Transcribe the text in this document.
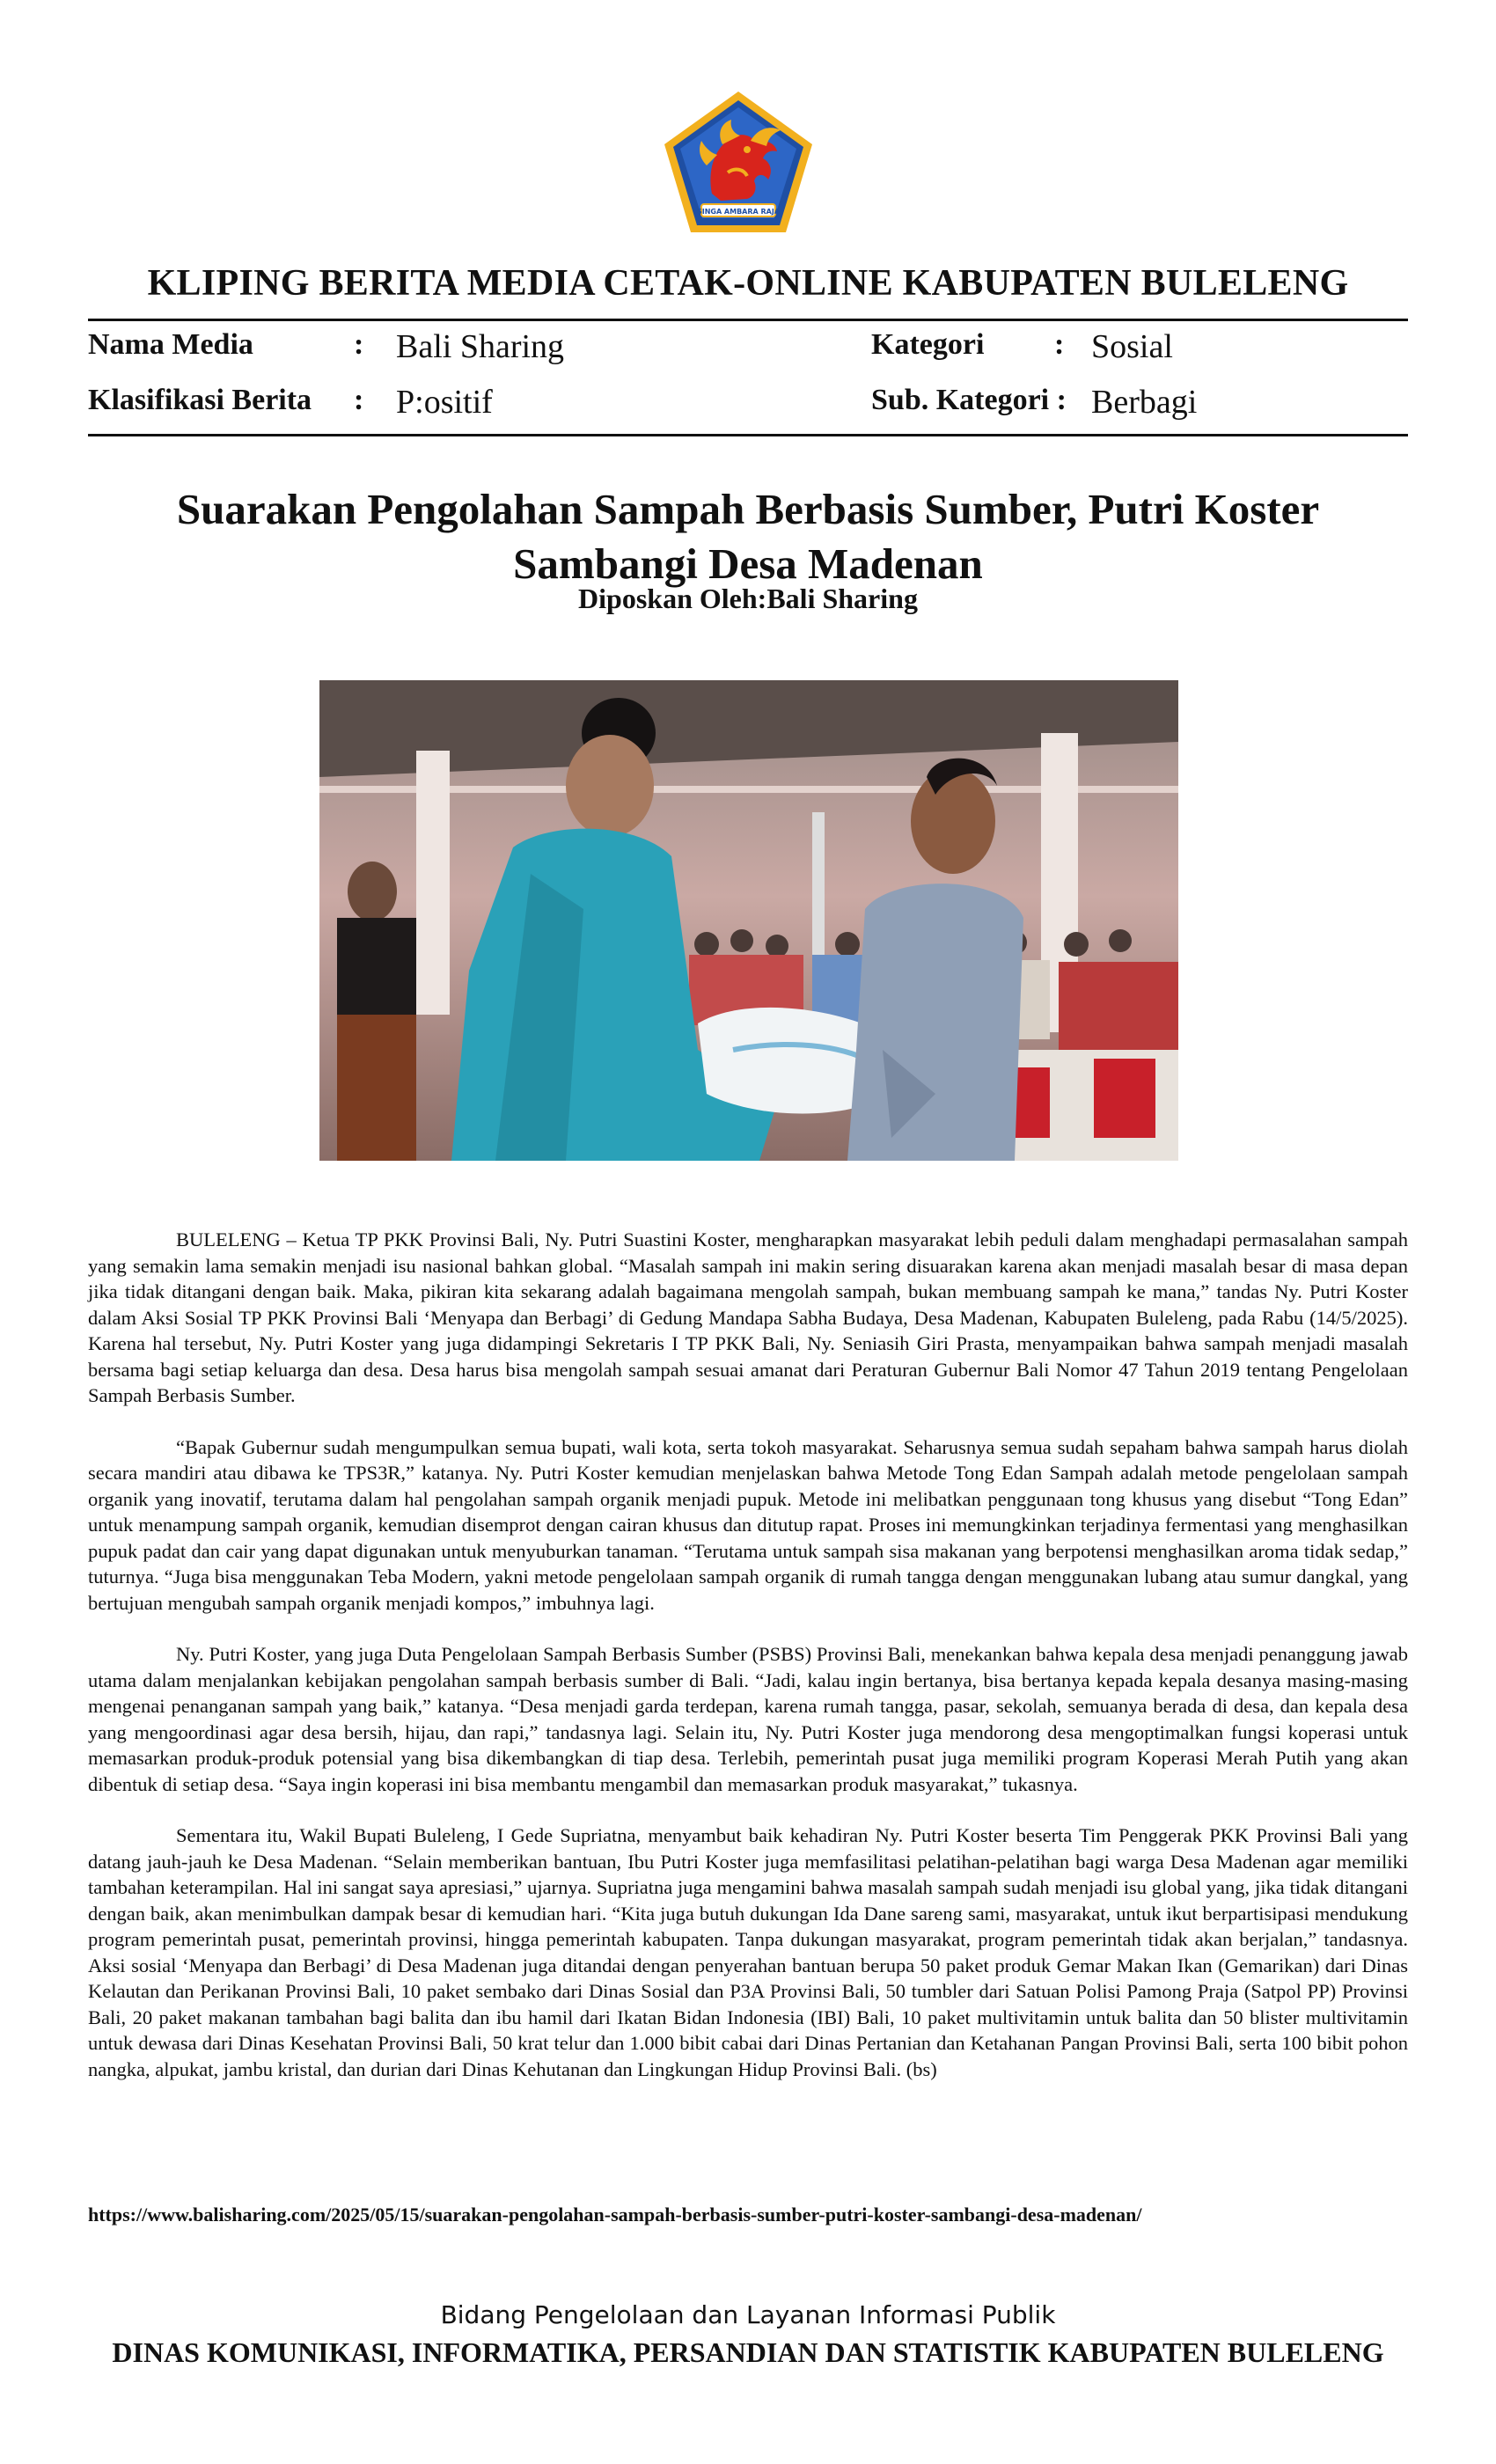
SINGA AMBARA RAJA
KLIPING BERITA MEDIA CETAK-ONLINE KABUPATEN BULELENG
Nama Media	: Bali Sharing
Klasifikasi Berita : P:ositif
Kategori : Sosial
Sub. Kategori : Berbagi
Suarakan Pengolahan Sampah Berbasis Sumber, Putri Koster Sambangi Desa Madenan
Diposkan Oleh:Bali Sharing

BULELENG – Ketua TP PKK Provinsi Bali, Ny. Putri Suastini Koster, mengharapkan masyarakat lebih peduli dalam menghadapi permasalahan sampah yang semakin lama semakin menjadi isu nasional bahkan global. “Masalah sampah ini makin sering disuarakan karena akan menjadi masalah besar di masa depan jika tidak ditangani dengan baik. Maka, pikiran kita sekarang adalah bagaimana mengolah sampah, bukan membuang sampah ke mana,” tandas Ny. Putri Koster dalam Aksi Sosial TP PKK Provinsi Bali ‘Menyapa dan Berbagi’ di Gedung Mandapa Sabha Budaya, Desa Madenan, Kabupaten Buleleng, pada Rabu (14/5/2025). Karena hal tersebut, Ny. Putri Koster yang juga didampingi Sekretaris I TP PKK Bali, Ny. Seniasih Giri Prasta, menyampaikan bahwa sampah menjadi masalah bersama bagi setiap keluarga dan desa. Desa harus bisa mengolah sampah sesuai amanat dari Peraturan Gubernur Bali Nomor 47 Tahun 2019 tentang Pengelolaan Sampah Berbasis Sumber.

“Bapak Gubernur sudah mengumpulkan semua bupati, wali kota, serta tokoh masyarakat. Seharusnya semua sudah sepaham bahwa sampah harus diolah secara mandiri atau dibawa ke TPS3R,” katanya. Ny. Putri Koster kemudian menjelaskan bahwa Metode Tong Edan Sampah adalah metode pengelolaan sampah organik yang inovatif, terutama dalam hal pengolahan sampah organik menjadi pupuk. Metode ini melibatkan penggunaan tong khusus yang disebut “Tong Edan” untuk menampung sampah organik, kemudian disemprot dengan cairan khusus dan ditutup rapat. Proses ini memungkinkan terjadinya fermentasi yang menghasilkan pupuk padat dan cair yang dapat digunakan untuk menyuburkan tanaman. “Terutama untuk sampah sisa makanan yang berpotensi menghasilkan aroma tidak sedap,” tuturnya. “Juga bisa menggunakan Teba Modern, yakni metode pengelolaan sampah organik di rumah tangga dengan menggunakan lubang atau sumur dangkal, yang bertujuan mengubah sampah organik menjadi kompos,” imbuhnya lagi.

Ny. Putri Koster, yang juga Duta Pengelolaan Sampah Berbasis Sumber (PSBS) Provinsi Bali, menekankan bahwa kepala desa menjadi penanggung jawab utama dalam menjalankan kebijakan pengolahan sampah berbasis sumber di Bali. “Jadi, kalau ingin bertanya, bisa bertanya kepada kepala desanya masing-masing mengenai penanganan sampah yang baik,” katanya. “Desa menjadi garda terdepan, karena rumah tangga, pasar, sekolah, semuanya berada di desa, dan kepala desa yang mengoordinasi agar desa bersih, hijau, dan rapi,” tandasnya lagi. Selain itu, Ny. Putri Koster juga mendorong desa mengoptimalkan fungsi koperasi untuk memasarkan produk-produk potensial yang bisa dikembangkan di tiap desa. Terlebih, pemerintah pusat juga memiliki program Koperasi Merah Putih yang akan dibentuk di setiap desa. “Saya ingin koperasi ini bisa membantu mengambil dan memasarkan produk masyarakat,” tukasnya.

Sementara itu, Wakil Bupati Buleleng, I Gede Supriatna, menyambut baik kehadiran Ny. Putri Koster beserta Tim Penggerak PKK Provinsi Bali yang datang jauh-jauh ke Desa Madenan. “Selain memberikan bantuan, Ibu Putri Koster juga memfasilitasi pelatihan-pelatihan bagi warga Desa Madenan agar memiliki tambahan keterampilan. Hal ini sangat saya apresiasi,” ujarnya. Supriatna juga mengamini bahwa masalah sampah sudah menjadi isu global yang, jika tidak ditangani dengan baik, akan menimbulkan dampak besar di kemudian hari. “Kita juga butuh dukungan Ida Dane sareng sami, masyarakat, untuk ikut berpartisipasi mendukung program pemerintah pusat, pemerintah provinsi, hingga pemerintah kabupaten. Tanpa dukungan masyarakat, program pemerintah tidak akan berjalan,” tandasnya. Aksi sosial ‘Menyapa dan Berbagi’ di Desa Madenan juga ditandai dengan penyerahan bantuan berupa 50 paket produk Gemar Makan Ikan (Gemarikan) dari Dinas Kelautan dan Perikanan Provinsi Bali, 10 paket sembako dari Dinas Sosial dan P3A Provinsi Bali, 50 tumbler dari Satuan Polisi Pamong Praja (Satpol PP) Provinsi Bali, 20 paket makanan tambahan bagi balita dan ibu hamil dari Ikatan Bidan Indonesia (IBI) Bali, 10 paket multivitamin untuk balita dan 50 blister multivitamin untuk dewasa dari Dinas Kesehatan Provinsi Bali, 50 krat telur dan 1.000 bibit cabai dari Dinas Pertanian dan Ketahanan Pangan Provinsi Bali, serta 100 bibit pohon nangka, alpukat, jambu kristal, dan durian dari Dinas Kehutanan dan Lingkungan Hidup Provinsi Bali. (bs)

https://www.balisharing.com/2025/05/15/suarakan-pengolahan-sampah-berbasis-sumber-putri-koster-sambangi-desa-madenan/
Bidang Pengelolaan dan Layanan Informasi Publik
DINAS KOMUNIKASI, INFORMATIKA, PERSANDIAN DAN STATISTIK KABUPATEN BULELENG
